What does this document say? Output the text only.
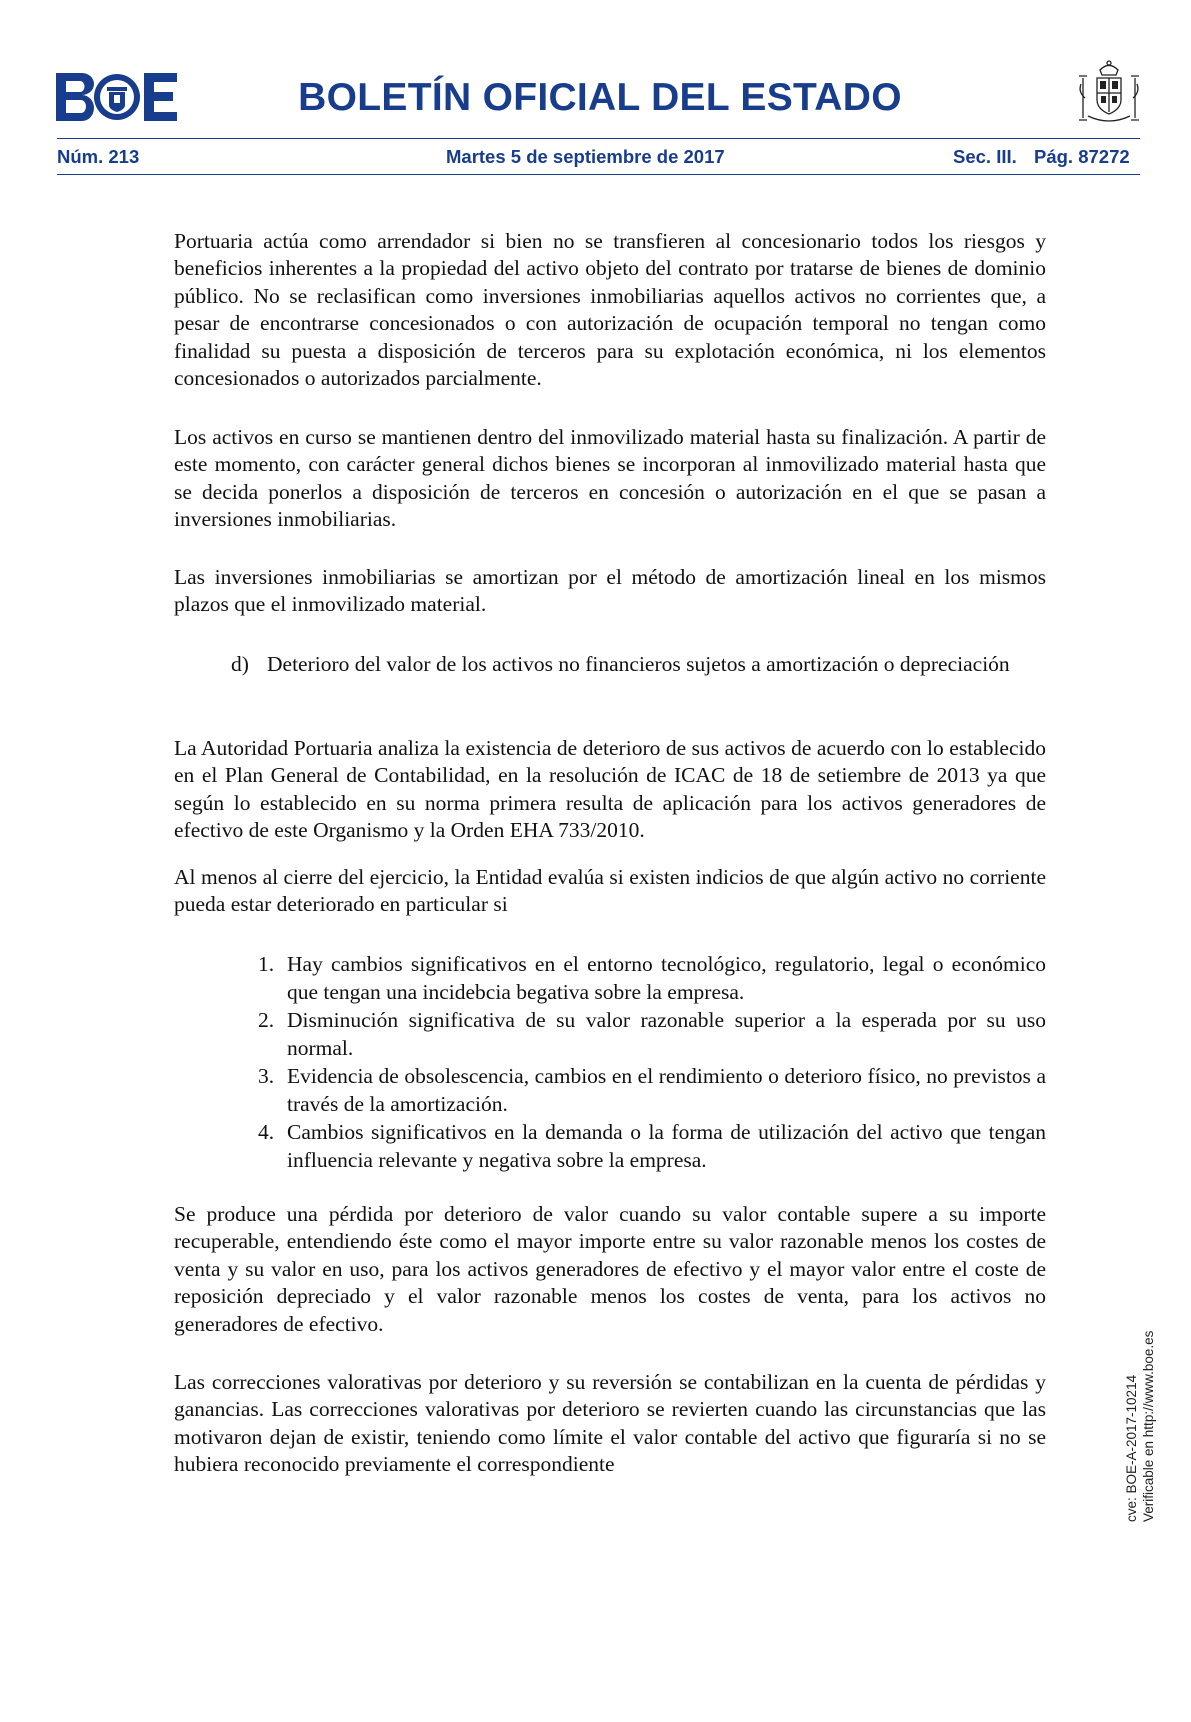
BOLETÍN OFICIAL DEL ESTADO
Núm. 213	Martes 5 de septiembre de 2017	Sec. III. Pág. 87272

Portuaria actúa como arrendador si bien no se transfieren al concesionario todos los riesgos y beneficios inherentes a la propiedad del activo objeto del contrato por tratarse de bienes de dominio público. No se reclasifican como inversiones inmobiliarias aquellos activos no corrientes que, a pesar de encontrarse concesionados o con autorización de ocupación temporal no tengan como finalidad su puesta a disposición de terceros para su explotación económica, ni los elementos concesionados o autorizados parcialmente.

Los activos en curso se mantienen dentro del inmovilizado material hasta su finalización. A partir de este momento, con carácter general dichos bienes se incorporan al inmovilizado material hasta que se decida ponerlos a disposición de terceros en concesión o autorización en el que se pasan a inversiones inmobiliarias.

Las inversiones inmobiliarias se amortizan por el método de amortización lineal en los mismos plazos que el inmovilizado material.

d) Deterioro del valor de los activos no financieros sujetos a amortización o depreciación

La Autoridad Portuaria analiza la existencia de deterioro de sus activos de acuerdo con lo establecido en el Plan General de Contabilidad, en la resolución de ICAC de 18 de setiembre de 2013 ya que según lo establecido en su norma primera resulta de aplicación para los activos generadores de efectivo de este Organismo y la Orden EHA 733/2010.

Al menos al cierre del ejercicio, la Entidad evalúa si existen indicios de que algún activo no corriente pueda estar deteriorado en particular si

1. Hay cambios significativos en el entorno tecnológico, regulatorio, legal o económico que tengan una incidebcia begativa sobre la empresa.
2. Disminución significativa de su valor razonable superior a la esperada por su uso normal.
3. Evidencia de obsolescencia, cambios en el rendimiento o deterioro físico, no previstos a través de la amortización.
4. Cambios significativos en la demanda o la forma de utilización del activo que tengan influencia relevante y negativa sobre la empresa.

Se produce una pérdida por deterioro de valor cuando su valor contable supere a su importe recuperable, entendiendo éste como el mayor importe entre su valor razonable menos los costes de venta y su valor en uso, para los activos generadores de efectivo y el mayor valor entre el coste de reposición depreciado y el valor razonable menos los costes de venta, para los activos no generadores de efectivo.

Las correcciones valorativas por deterioro y su reversión se contabilizan en la cuenta de pérdidas y ganancias. Las correcciones valorativas por deterioro se revierten cuando las circunstancias que las motivaron dejan de existir, teniendo como límite el valor contable del activo que figuraría si no se hubiera reconocido previamente el correspondiente	cve: BOE-A-2017-10214 Verificable en http://www.boe.es
